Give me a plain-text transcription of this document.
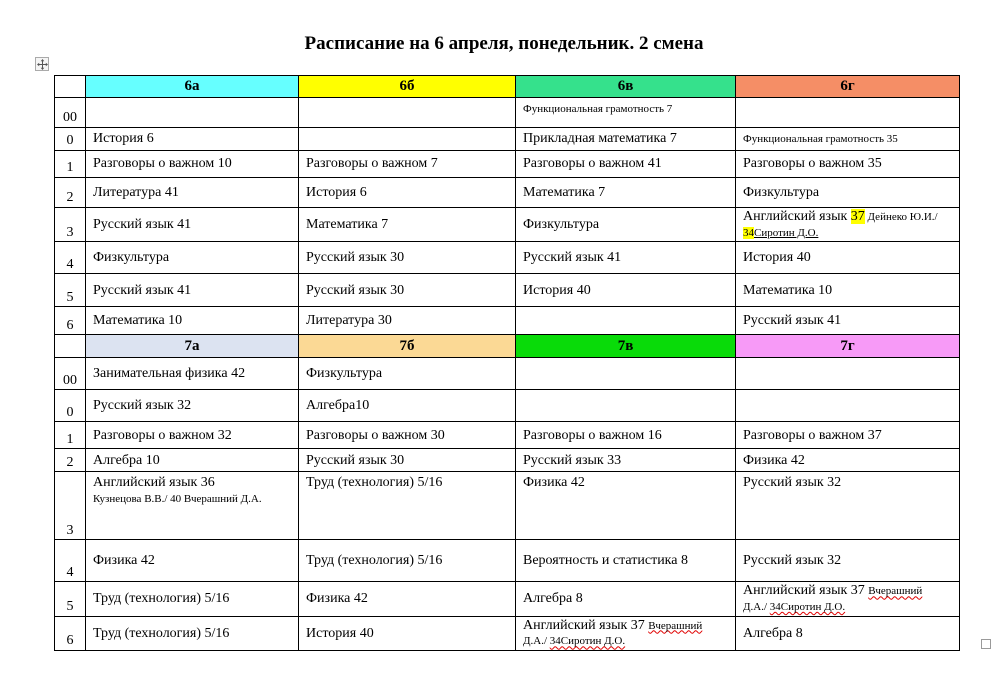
Расписание на 6 апреля, понедельник. 2 смена
	6а	6б	6в	6г
00			Функциональная грамотность 7	
0	История 6		Прикладная математика 7	Функциональная грамотность 35
1	Разговоры о важном 10	Разговоры о важном 7	Разговоры о важном 41	Разговоры о важном 35
2	Литература 41	История 6	Математика 7	Физкультура
3	Русский язык 41	Математика 7	Физкультура	Английский язык 37 Дейнеко Ю.И./
34Сиротин Д.О.
4	Физкультура	Русский язык 30	Русский язык 41	История 40
5	Русский язык 41	Русский язык 30	История 40	Математика 10
6	Математика 10	Литература 30		Русский язык 41
	7а	7б	7в	7г
00	Занимательная физика 42	Физкультура		
0	Русский язык 32	Алгебра10		
1	Разговоры о важном 32	Разговоры о важном 30	Разговоры о важном 16	Разговоры о важном 37
2	Алгебра 10	Русский язык 30	Русский язык 33	Физика 42
3	Английский язык 36
Кузнецова В.В./ 40 Вчерашний Д.А.	Труд (технология) 5/16	Физика 42	Русский язык 32
4	Физика 42	Труд (технология) 5/16	Вероятность и статистика 8	Русский язык 32
5	Труд (технология) 5/16	Физика 42	Алгебра 8	Английский язык 37 Вчерашний
Д.А./ 34Сиротин Д.О.
6	Труд (технология) 5/16	История 40	Английский язык 37 Вчерашний
Д.А./ 34Сиротин Д.О.	Алгебра 8
